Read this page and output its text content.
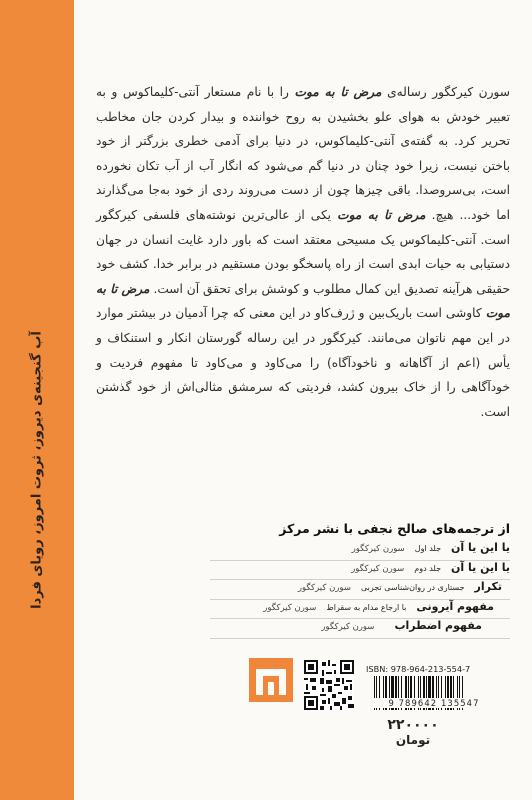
آب گنجینه‌ی دیروز، ثروت امروز، رویای فردا

سورن کیرکگور رساله‌ی مرض تا به موت را با نام مستعار آنتی-کلیماکوس و به تعبیر خودش به هوای علو بخشیدن به روح خواننده و بیدار کردن جان مخاطب تحریر کرد. به گفته‌ی آنتی-کلیماکوس، در دنیا برای آدمی خطری بزرگتر از خود باختن نیست، زیرا خود چنان در دنیا گم می‌شود که انگار آب از آب تکان نخورده است، بی‌سروصدا. باقی چیزها چون از دست می‌روند ردی از خود به‌جا می‌گذارند اما خود... هیچ. مرض تا به موت یکی از عالی‌ترین نوشته‌های فلسفی کیرکگور است. آنتی-کلیماکوس یک مسیحی معتقد است که باور دارد غایت انسان در جهان دستیابی به حیات ابدی است از راه پاسخگو بودن مستقیم در برابر خدا. کشف خود حقیقی هرآینه تصدیق این کمال مطلوب و کوشش برای تحقق آن است. مرض تا به موت کاوشی است باریک‌بین و ژرف‌کاو در این معنی که چرا آدمیان در بیشتر موارد در این مهم ناتوان می‌مانند. کیرکگور در این رساله گورستان انکار و استنکاف و یأس (اعم از آگاهانه و ناخودآگاه) را می‌کاود و می‌کاود تا مفهوم فردیت و خودآگاهی را از خاک بیرون کشد، فردیتی که سرمشق مثالی‌اش از خود گذشتن است.

از ترجمه‌های صالح نجفی با نشر مرکز
یا این یا آن
جلد اول
سورن کیرکگور
یا این یا آن
جلد دوم
سورن کیرکگور
تکرار
جستاری در روان‌شناسی تجربی
سورن کیرکگور
مفهوم آیرونی
با ارجاع مدام به سقراط
سورن کیرکگور
مفهوم اضطراب
سورن کیرکگور
ISBN: 978-964-213-554-7
9 789642 135547
۲۲۰۰۰۰
تومان
